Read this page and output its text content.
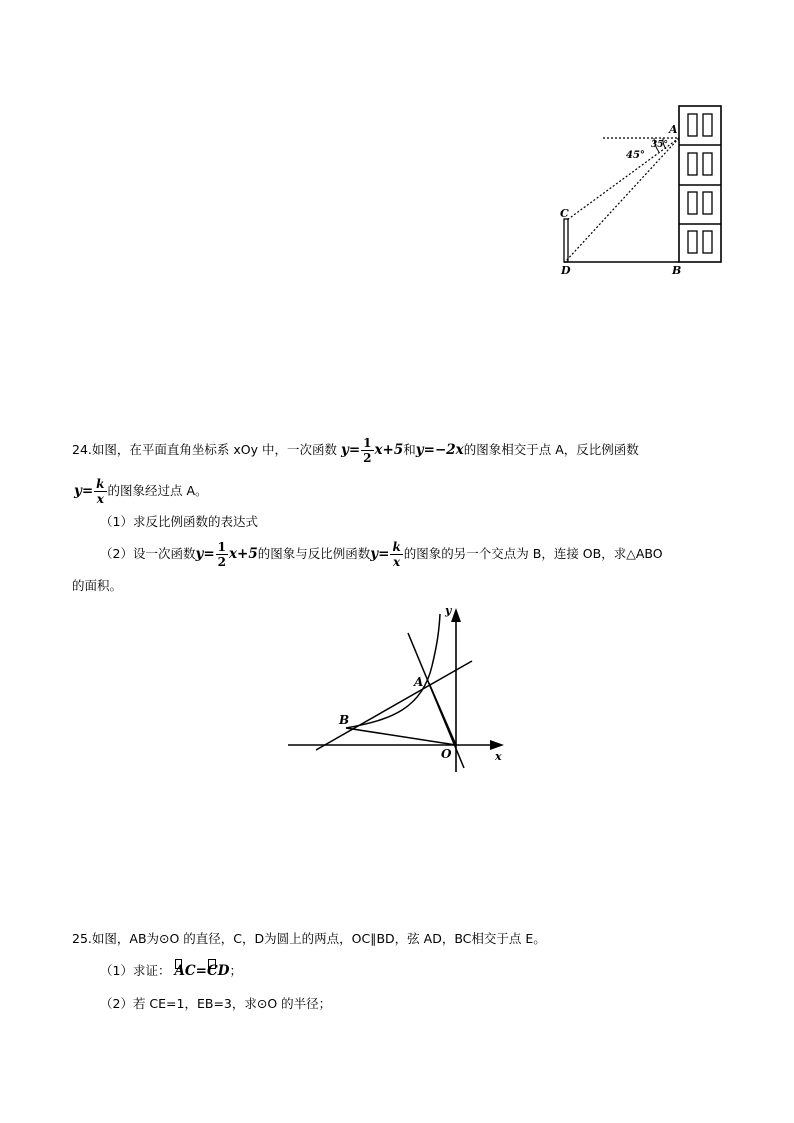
A
35°
45°
C
D	B
24.如图，在平面直角坐标系 xOy 中，一次函数 $y= \frac{1}{2} x+5$和y=−2x的图象相交于点 A，反比例函数
$y= \frac{k}{x}$ 的图象经过点 A。
（1）求反比例函数的表达式
（2）设一次函数$y= \frac{1}{2} x+5$的图象与反比例函数$y= \frac{k}{x}$ 的图象的另一个交点为 B，连接 OB，求△ABO
的面积。
y
x
A
B
O
25.如图，AB为⊙O 的直径，C，D为圆上的两点，OC∥BD，弦 AD，BC相交于点 E。
（1）求证： AC
=CD
；
（2）若 CE=1，EB=3，求⊙O 的半径；
